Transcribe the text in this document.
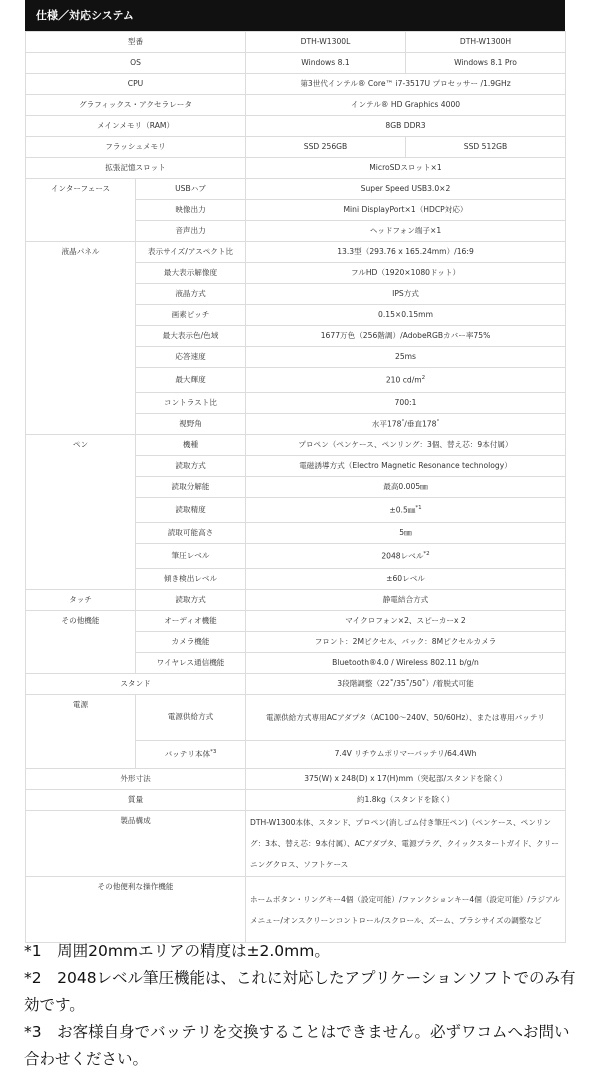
仕様／対応システム
型番		DTH-W1300L	DTH-W1300H
OS		Windows 8.1	Windows 8.1 Pro
CPU		第3世代インテル® Core™ i7-3517U プロセッサー /1.9GHz	
グラフィックス・アクセラレータ		インテル® HD Graphics 4000	
メインメモリ（RAM）		8GB DDR3	
フラッシュメモリ		SSD 256GB	SSD 512GB
拡張記憶スロット		MicroSDスロット×1	
インターフェース	USBハブ	Super Speed USB3.0×2	
	映像出力	Mini DisplayPort×1（HDCP対応）	
	音声出力	ヘッドフォン端子×1	
液晶パネル	表示サイズ/アスペクト比	13.3型（293.76 x 165.24mm）/16:9	
	最大表示解像度	フルHD（1920×1080ドット）	
	液晶方式	IPS方式	
	画素ピッチ	0.15×0.15mm	
	最大表示色/色域	1677万色（256階調）/AdobeRGBカバー率75%	
	応答速度	25ms	
	最大輝度	210 $cd/m^2$
	コントラスト比	700:1	
	視野角	水平178°/垂直178°
ペン	機種	プロペン（ペンケース、ペンリング：3個、替え芯：9本付属）	
	読取方式	電磁誘導方式（Electro Magnetic Resonance technology）	
	読取分解能	最高0.005㎜	
	読取精度	±0.5㎜$^{*1}$
	読取可能高さ	5㎜	
	筆圧レベル	2048レベル$^{*2}$
	傾き検出レベル	±60レベル	
タッチ	読取方式	静電結合方式	
その他機能	オーディオ機能	マイクロフォン×2、スピーカーx 2	
	カメラ機能	フロント：2Mピクセル、バック：8Mピクセルカメラ	
	ワイヤレス通信機能	Bluetooth®4.0 / Wireless 802.11 b/g/n	
スタンド		3段階調整（22˚/35˚/50˚）/着脱式可能	
電源	電源供給方式	電源供給方式専用ACアダプタ（AC100～240V、50/60Hz）、または専用バッテリ	
	バッテリ本体$^{*3}$	7.4V リチウムポリマーバッテリ/64.4Wh	
外形寸法		375(W) x 248(D) x 17(H)mm（突起部/スタンドを除く）	
質量		約1.8kg（スタンドを除く）	
製品構成		DTH-W1300本体、スタンド、プロペン(消しゴム付き筆圧ペン)（ペンケース、ペンリング：3本、替え芯：9本付属）、ACアダプタ、電源プラグ、クイックスタートガイド、クリーニングクロス、ソフトケース	
その他便利な操作機能		ホームボタン・リングキー4個（設定可能）/ファンクションキー4個（設定可能）/ラジアルメニュー/オンスクリーンコントロール/スクロール、ズーム、ブラシサイズの調整など	

*1　周囲20mmエリアの精度は±2.0mm。

*2　2048レベル筆圧機能は、これに対応したアプリケーションソフトでのみ有効です。

*3　お客様自身でバッテリを交換することはできません。必ずワコムへお問い合わせください。
